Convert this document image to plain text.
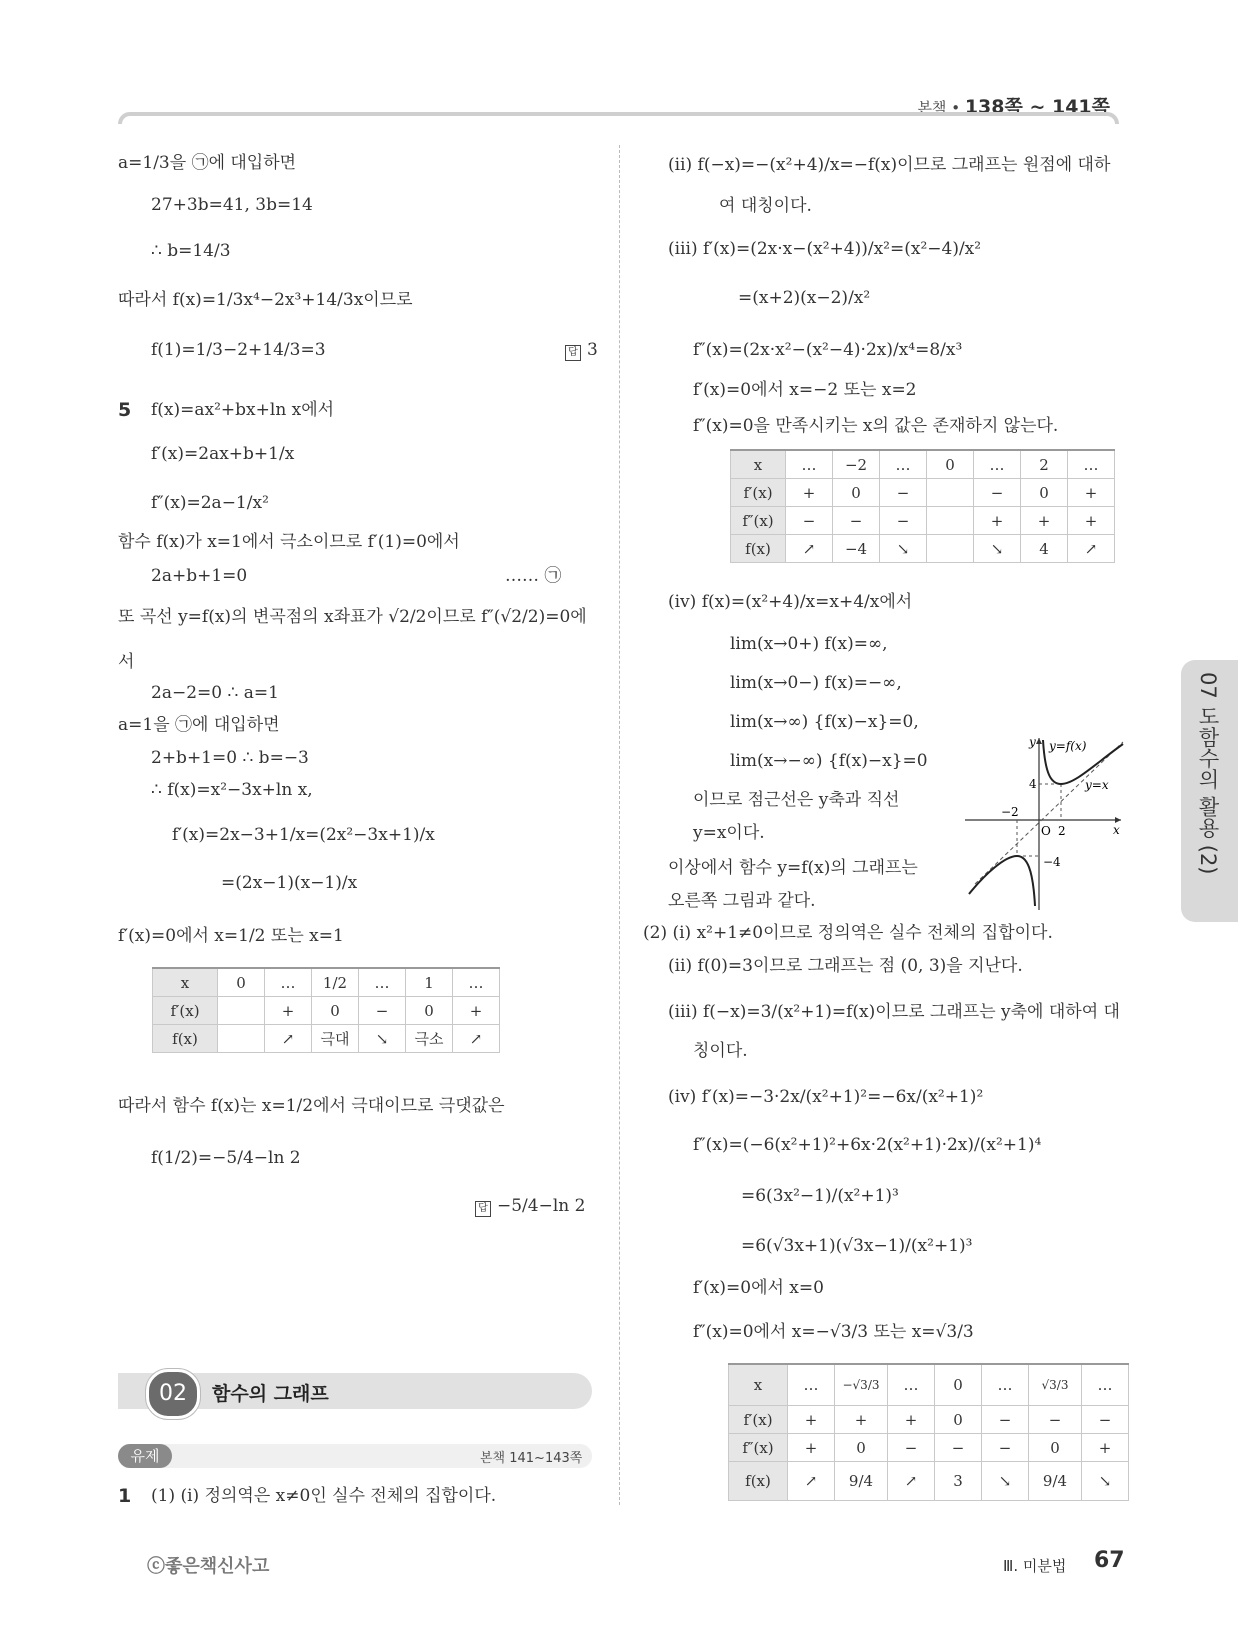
본책 • 138쪽 ~ 141쪽
a=1/3을 ㉠에 대입하면
27+3b=41, 3b=14
∴ b=14/3
따라서 f(x)=1/3x⁴−2x³+14/3x이므로
f(1)=1/3−2+14/3=3	답 3
5 f(x)=ax²+bx+ln x에서
f′(x)=2ax+b+1/x
f″(x)=2a−1/x²
함수 f(x)가 x=1에서 극소이므로 f′(1)=0에서
2a+b+1=0	…… ㉠
또 곡선 y=f(x)의 변곡점의 x좌표가 √2/2이므로 f″(√2/2)=0에
서
2a−2=0 ∴ a=1
a=1을 ㉠에 대입하면
2+b+1=0 ∴ b=−3
∴ f(x)=x²−3x+ln x,
f′(x)=2x−3+1/x=(2x²−3x+1)/x
=(2x−1)(x−1)/x
f′(x)=0에서 x=1/2 또는 x=1
x	0	…	1/2	…	1	…
f′(x)		+	0	−	0	+
f(x)		↗	극대	↘	극소	↗
따라서 함수 f(x)는 x=1/2에서 극대이므로 극댓값은
f(1/2)=−5/4−ln 2
답 −5/4−ln 2
02	함수의 그래프
유제	본책 141~143쪽
1 (1) (ⅰ) 정의역은 x≠0인 실수 전체의 집합이다.
(ⅱ) f(−x)=−(x²+4)/x=−f(x)이므로 그래프는 원점에 대하
여 대칭이다.
(ⅲ) f′(x)=(2x·x−(x²+4))/x²=(x²−4)/x²
=(x+2)(x−2)/x²
f″(x)=(2x·x²−(x²−4)·2x)/x⁴=8/x³
f′(x)=0에서 x=−2 또는 x=2
f″(x)=0을 만족시키는 x의 값은 존재하지 않는다.
x	…	−2	…	0	…	2	…
f′(x)	+	0	−		−	0	+
f″(x)	−	−	−		+	+	+
f(x)	↗	−4	↘		↘	4	↗
(ⅳ) f(x)=(x²+4)/x=x+4/x에서
lim(x→0+) f(x)=∞,
lim(x→0−) f(x)=−∞,
lim(x→∞) {f(x)−x}=0,
lim(x→−∞) {f(x)−x}=0
이므로 점근선은 y축과 직선
y=x이다.
이상에서 함수 y=f(x)의 그래프는
오른쪽 그림과 같다.
y
x
y=f(x)
y=x
O
4
−4
−2
2
(2) (ⅰ) x²+1≠0이므로 정의역은 실수 전체의 집합이다.
(ⅱ) f(0)=3이므로 그래프는 점 (0, 3)을 지난다.
(ⅲ) f(−x)=3/(x²+1)=f(x)이므로 그래프는 y축에 대하여 대
칭이다.
(ⅳ) f′(x)=−3·2x/(x²+1)²=−6x/(x²+1)²
f″(x)=(−6(x²+1)²+6x·2(x²+1)·2x)/(x²+1)⁴
=6(3x²−1)/(x²+1)³
=6(√3x+1)(√3x−1)/(x²+1)³
f′(x)=0에서 x=0
f″(x)=0에서 x=−√3/3 또는 x=√3/3
x	…	−√3/3	…	0	…	√3/3	…
f′(x)	+	+	+	0	−	−	−
f″(x)	+	0	−	−	−	0	+
f(x)	↗	9/4	↗	3	↘	9/4	↘
07 도함수의 활용 (2)
ⓒ좋은책신사고	Ⅲ. 미분법 67
